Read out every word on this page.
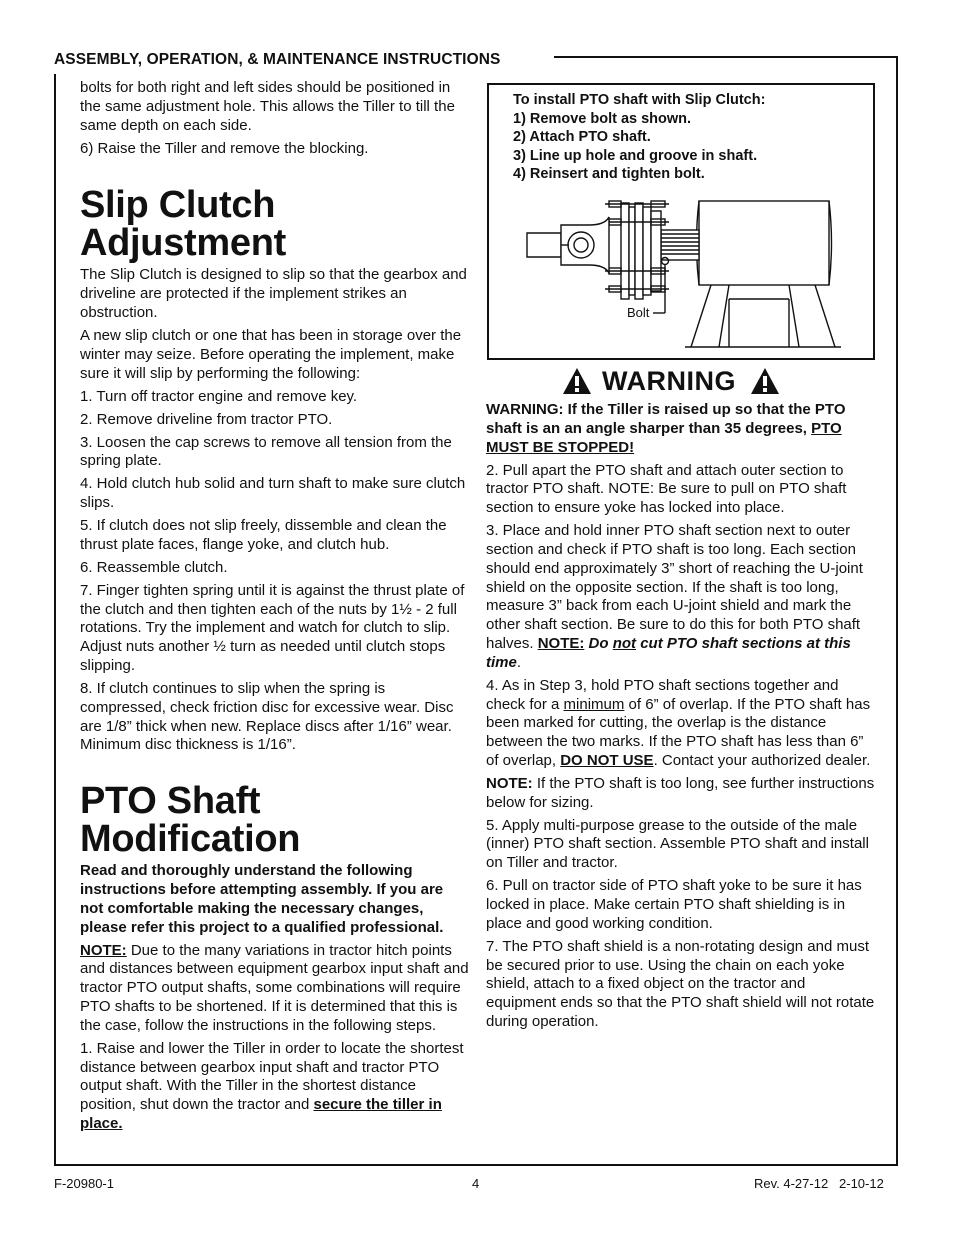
ASSEMBLY, OPERATION, & MAINTENANCE INSTRUCTIONS

bolts for both right and left sides should be positioned in the same adjustment hole. This allows the Tiller to till the same depth on each side.

6) Raise the Tiller and remove the blocking.

Slip Clutch
Adjustment

The Slip Clutch is designed to slip so that the gearbox and driveline are protected if the implement strikes an obstruction.

A new slip clutch or one that has been in storage over the winter may seize. Before operating the implement, make sure it will slip by performing the following:

1. Turn off tractor engine and remove key.

2. Remove driveline from tractor PTO.

3. Loosen the cap screws to remove all tension from the spring plate.

4. Hold clutch hub solid and turn shaft to make sure clutch slips.

5. If clutch does not slip freely, dissemble and clean the thrust plate faces, flange yoke, and clutch hub.

6. Reassemble clutch.

7. Finger tighten spring until it is against the thrust plate of the clutch and then tighten each of the nuts by 1½ - 2 full rotations. Try the implement and watch for clutch to slip. Adjust nuts another ½ turn as needed until clutch stops slipping.

8. If clutch continues to slip when the spring is compressed, check friction disc for excessive wear. Disc are 1/8” thick when new. Replace discs after 1/16” wear. Minimum disc thickness is 1/16”.

PTO Shaft
Modification

Read and thoroughly understand the following instructions before attempting assembly. If you are not comfortable making the necessary changes, please refer this project to a qualified professional.

NOTE: Due to the many variations in tractor hitch points and distances between equipment gearbox input shaft and tractor PTO output shafts, some combinations will require PTO shafts to be shortened. If it is determined that this is the case, follow the instructions in the following steps.

1. Raise and lower the Tiller in order to locate the shortest distance between gearbox input shaft and tractor PTO output shaft. With the Tiller in the shortest distance position, shut down the tractor and secure the tiller in place.

To install PTO shaft with Slip Clutch:
1) Remove bolt as shown.
2) Attach PTO shaft.
3) Line up hole and groove in shaft.
4) Reinsert and tighten bolt.
Bolt
WARNING

WARNING: If the Tiller is raised up so that the PTO shaft is an an angle sharper than 35 degrees, PTO MUST BE STOPPED!

2. Pull apart the PTO shaft and attach outer section to tractor PTO shaft. NOTE: Be sure to pull on PTO shaft section to ensure yoke has locked into place.

3. Place and hold inner PTO shaft section next to outer section and check if PTO shaft is too long. Each section should end approximately 3” short of reaching the U-joint shield on the opposite section. If the shaft is too long, measure 3” back from each U-joint shield and mark the other shaft section. Be sure to do this for both PTO shaft halves. NOTE: Do not cut PTO shaft sections at this time.

4. As in Step 3, hold PTO shaft sections together and check for a minimum of 6” of overlap. If the PTO shaft has been marked for cutting, the overlap is the distance between the two marks. If the PTO shaft has less than 6” of overlap, DO NOT USE. Contact your authorized dealer.

NOTE: If the PTO shaft is too long, see further instructions below for sizing.

5. Apply multi-purpose grease to the outside of the male (inner) PTO shaft section. Assemble PTO shaft and install on Tiller and tractor.

6. Pull on tractor side of PTO shaft yoke to be sure it has locked in place. Make certain PTO shaft shielding is in place and good working condition.

7. The PTO shaft shield is a non-rotating design and must be secured prior to use. Using the chain on each yoke shield, attach to a fixed object on the tractor and equipment ends so that the PTO shaft shield will not rotate during operation.

F-20980-1	4	Rev. 4-27-12   2-10-12
